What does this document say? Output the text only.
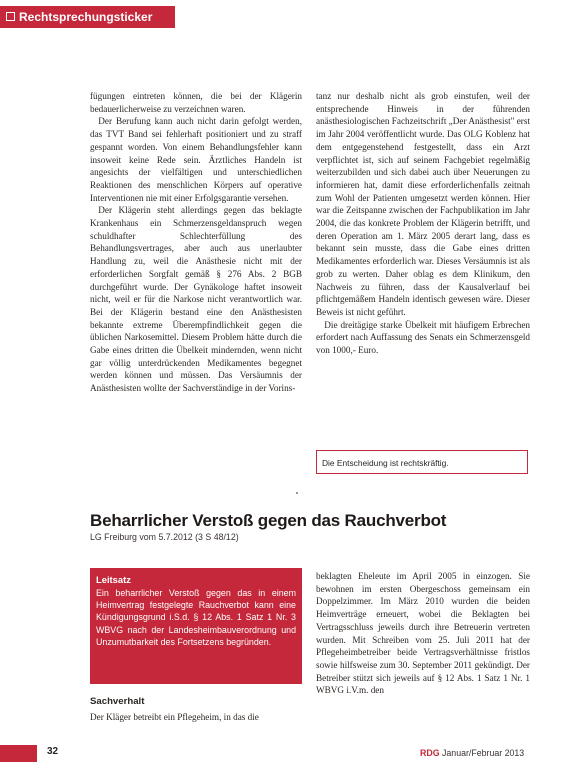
Rechtsprechungsticker

fügungen eintreten können, die bei der Klägerin bedauerlicherweise zu verzeichnen waren.

Der Berufung kann auch nicht darin gefolgt werden, das TVT Band sei fehlerhaft positioniert und zu straff gespannt worden. Von einem Behandlungsfehler kann insoweit keine Rede sein. Ärztliches Handeln ist angesichts der vielfältigen und unterschiedlichen Reaktionen des menschlichen Körpers auf operative Interventionen nie mit einer Erfolgsgarantie versehen.

Der Klägerin steht allerdings gegen das beklagte Krankenhaus ein Schmerzensgeldanspruch wegen schuldhafter Schlechterfüllung des Behandlungsvertrages, aber auch aus unerlaubter Handlung zu, weil die Anästhesie nicht mit der erforderlichen Sorgfalt gemäß § 276 Abs. 2 BGB durchgeführt wurde. Der Gynäkologe haftet insoweit nicht, weil er für die Narkose nicht verantwortlich war. Bei der Klägerin bestand eine den Anästhesisten bekannte extreme Überempfindlichkeit gegen die üblichen Narkosemittel. Diesem Problem hätte durch die Gabe eines dritten die Übelkeit mindernden, wenn nicht gar völlig unterdrückenden Medikamentes begegnet werden können und müssen. Das Versäumnis der Anästhesisten wollte der Sachverständige in der Vorins-

tanz nur deshalb nicht als grob einstufen, weil der entsprechende Hinweis in der führenden anästhesiologischen Fachzeitschrift „Der Anästhesist" erst im Jahr 2004 veröffentlicht wurde. Das OLG Koblenz hat dem entgegenstehend festgestellt, dass ein Arzt verpflichtet ist, sich auf seinem Fachgebiet regelmäßig weiterzubilden und sich dabei auch über Neuerungen zu informieren hat, damit diese erforderlichenfalls zeitnah zum Wohl der Patienten umgesetzt werden können. Hier war die Zeitspanne zwischen der Fachpublikation im Jahr 2004, die das konkrete Problem der Klägerin betrifft, und deren Operation am 1. März 2005 derart lang, dass es bekannt sein musste, dass die Gabe eines dritten Medikamentes erforderlich war. Dieses Versäumnis ist als grob zu werten. Daher oblag es dem Klinikum, den Nachweis zu führen, dass der Kausalverlauf bei pflichtgemäßem Handeln identisch gewesen wäre. Dieser Beweis ist nicht geführt.

Die dreitägige starke Übelkeit mit häufigem Erbrechen erfordert nach Auffassung des Senats ein Schmerzensgeld von 1000,- Euro.

Die Entscheidung ist rechtskräftig.
Beharrlicher Verstoß gegen das Rauchverbot
LG Freiburg vom 5.7.2012 (3 S 48/12)
Leitsatz
Ein beharrlicher Verstoß gegen das in einem Heimvertrag festgelegte Rauchverbot kann eine Kündigungsgrund i.S.d. § 12 Abs. 1 Satz 1 Nr. 3 WBVG nach der Landesheimbauverordnung und Unzumutbarkeit des Fortsetzens begründen.
Sachverhalt

Der Kläger betreibt ein Pflegeheim, in das die

beklagten Eheleute im April 2005 in einzogen. Sie bewohnen im ersten Obergeschoss gemeinsam ein Doppelzimmer. Im März 2010 wurden die beiden Heimverträge erneuert, wobei die Beklagten bei Vertragsschluss jeweils durch ihre Betreuerin vertreten wurden. Mit Schreiben vom 25. Juli 2011 hat der Pflegeheimbetreiber beide Vertragsverhältnisse fristlos sowie hilfsweise zum 30. September 2011 gekündigt. Der Betreiber stützt sich jeweils auf § 12 Abs. 1 Satz 1 Nr. 1 WBVG i.V.m. den

32	RDG Januar/Februar 2013
